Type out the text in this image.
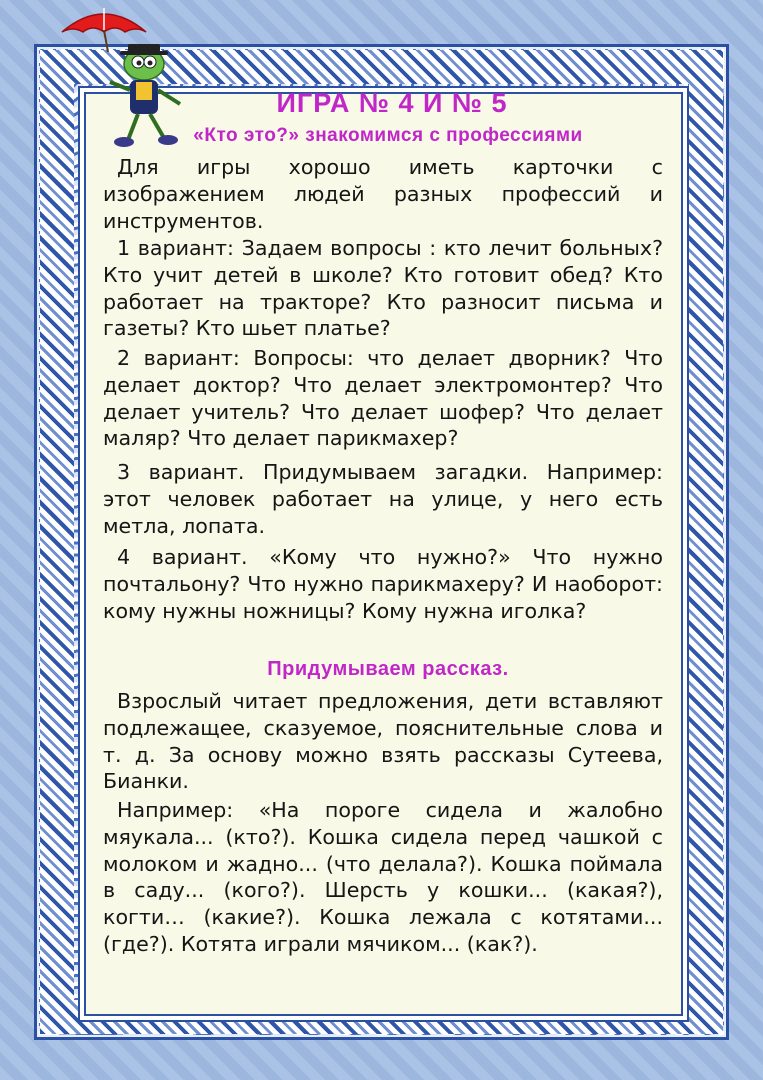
ИГРА № 4 И № 5
«Кто это?» знакомимся с профессиями

Для игры хорошо иметь карточки с изображением людей разных профессий и инструментов.

1 вариант: Задаем вопросы : кто лечит больных? Кто учит детей в школе? Кто готовит обед? Кто работает на тракторе? Кто разносит письма и газеты? Кто шьет платье?

2 вариант: Вопросы: что делает дворник? Что делает доктор? Что делает электромонтер? Что делает учитель? Что делает шофер? Что делает маляр? Что делает парикмахер?

3 вариант. Придумываем загадки. Например: этот человек работает на улице, у него есть метла, лопата.

4 вариант. «Кому что нужно?» Что нужно почтальону? Что нужно парикмахеру? И наоборот: кому нужны ножницы? Кому нужна иголка?

Придумываем рассказ.

Взрослый читает предложения, дети вставляют подлежащее, сказуемое, пояснительные слова и т. д. За основу можно взять рассказы Сутеева, Бианки.

Например: «На пороге сидела и жалобно мяукала... (кто?). Кошка сидела перед чашкой с молоком и жадно... (что делала?). Кошка поймала в саду... (кого?). Шерсть у кошки... (какая?), когти… (какие?). Кошка лежала с котятами... (где?). Котята играли мячиком... (как?).
